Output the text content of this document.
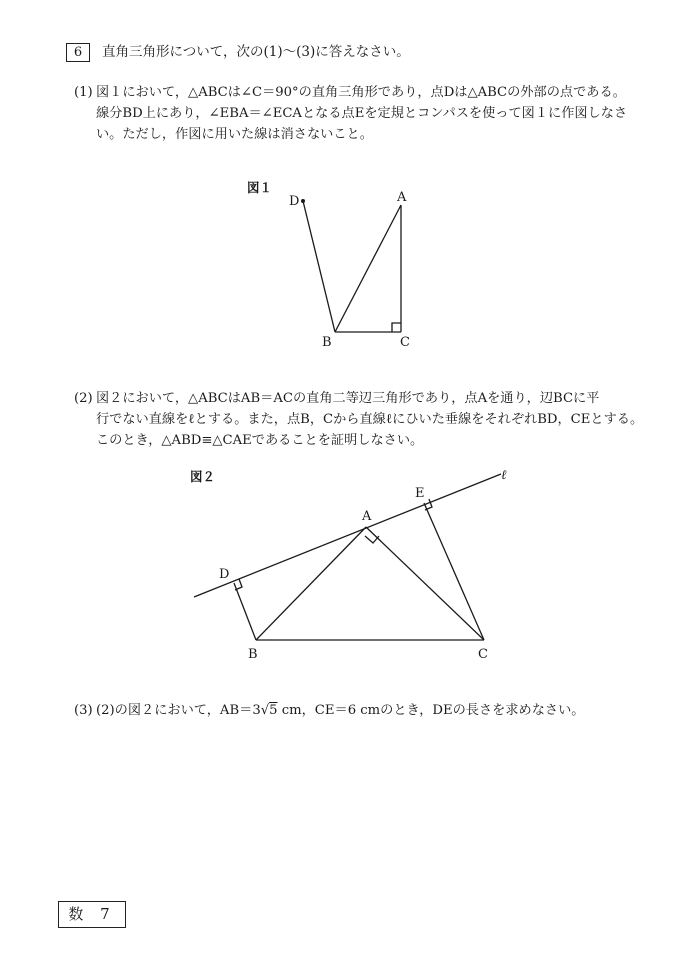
6 直角三角形について，次の(1)〜(3)に答えなさい。
(1) 図１において，△ABCは∠C＝90°の直角三角形であり，点Dは△ABCの外部の点である。
線分BD上にあり，∠EBA＝∠ECAとなる点Eを定規とコンパスを使って図１に作図しなさ
い。ただし，作図に用いた線は消さないこと。
図１
D	A
B	C
D
E
A
B	C
ℓ
(2) 図２において，△ABCはAB＝ACの直角二等辺三角形であり，点Aを通り，辺BCに平
行でない直線をℓとする。また，点B，Cから直線ℓにひいた垂線をそれぞれBD，CEとする。
このとき，△ABD≡△CAEであることを証明しなさい。
図２
(3) (2)の図２において，AB＝3√5 cm，CE＝6 cmのとき，DEの長さを求めなさい。
数 7
